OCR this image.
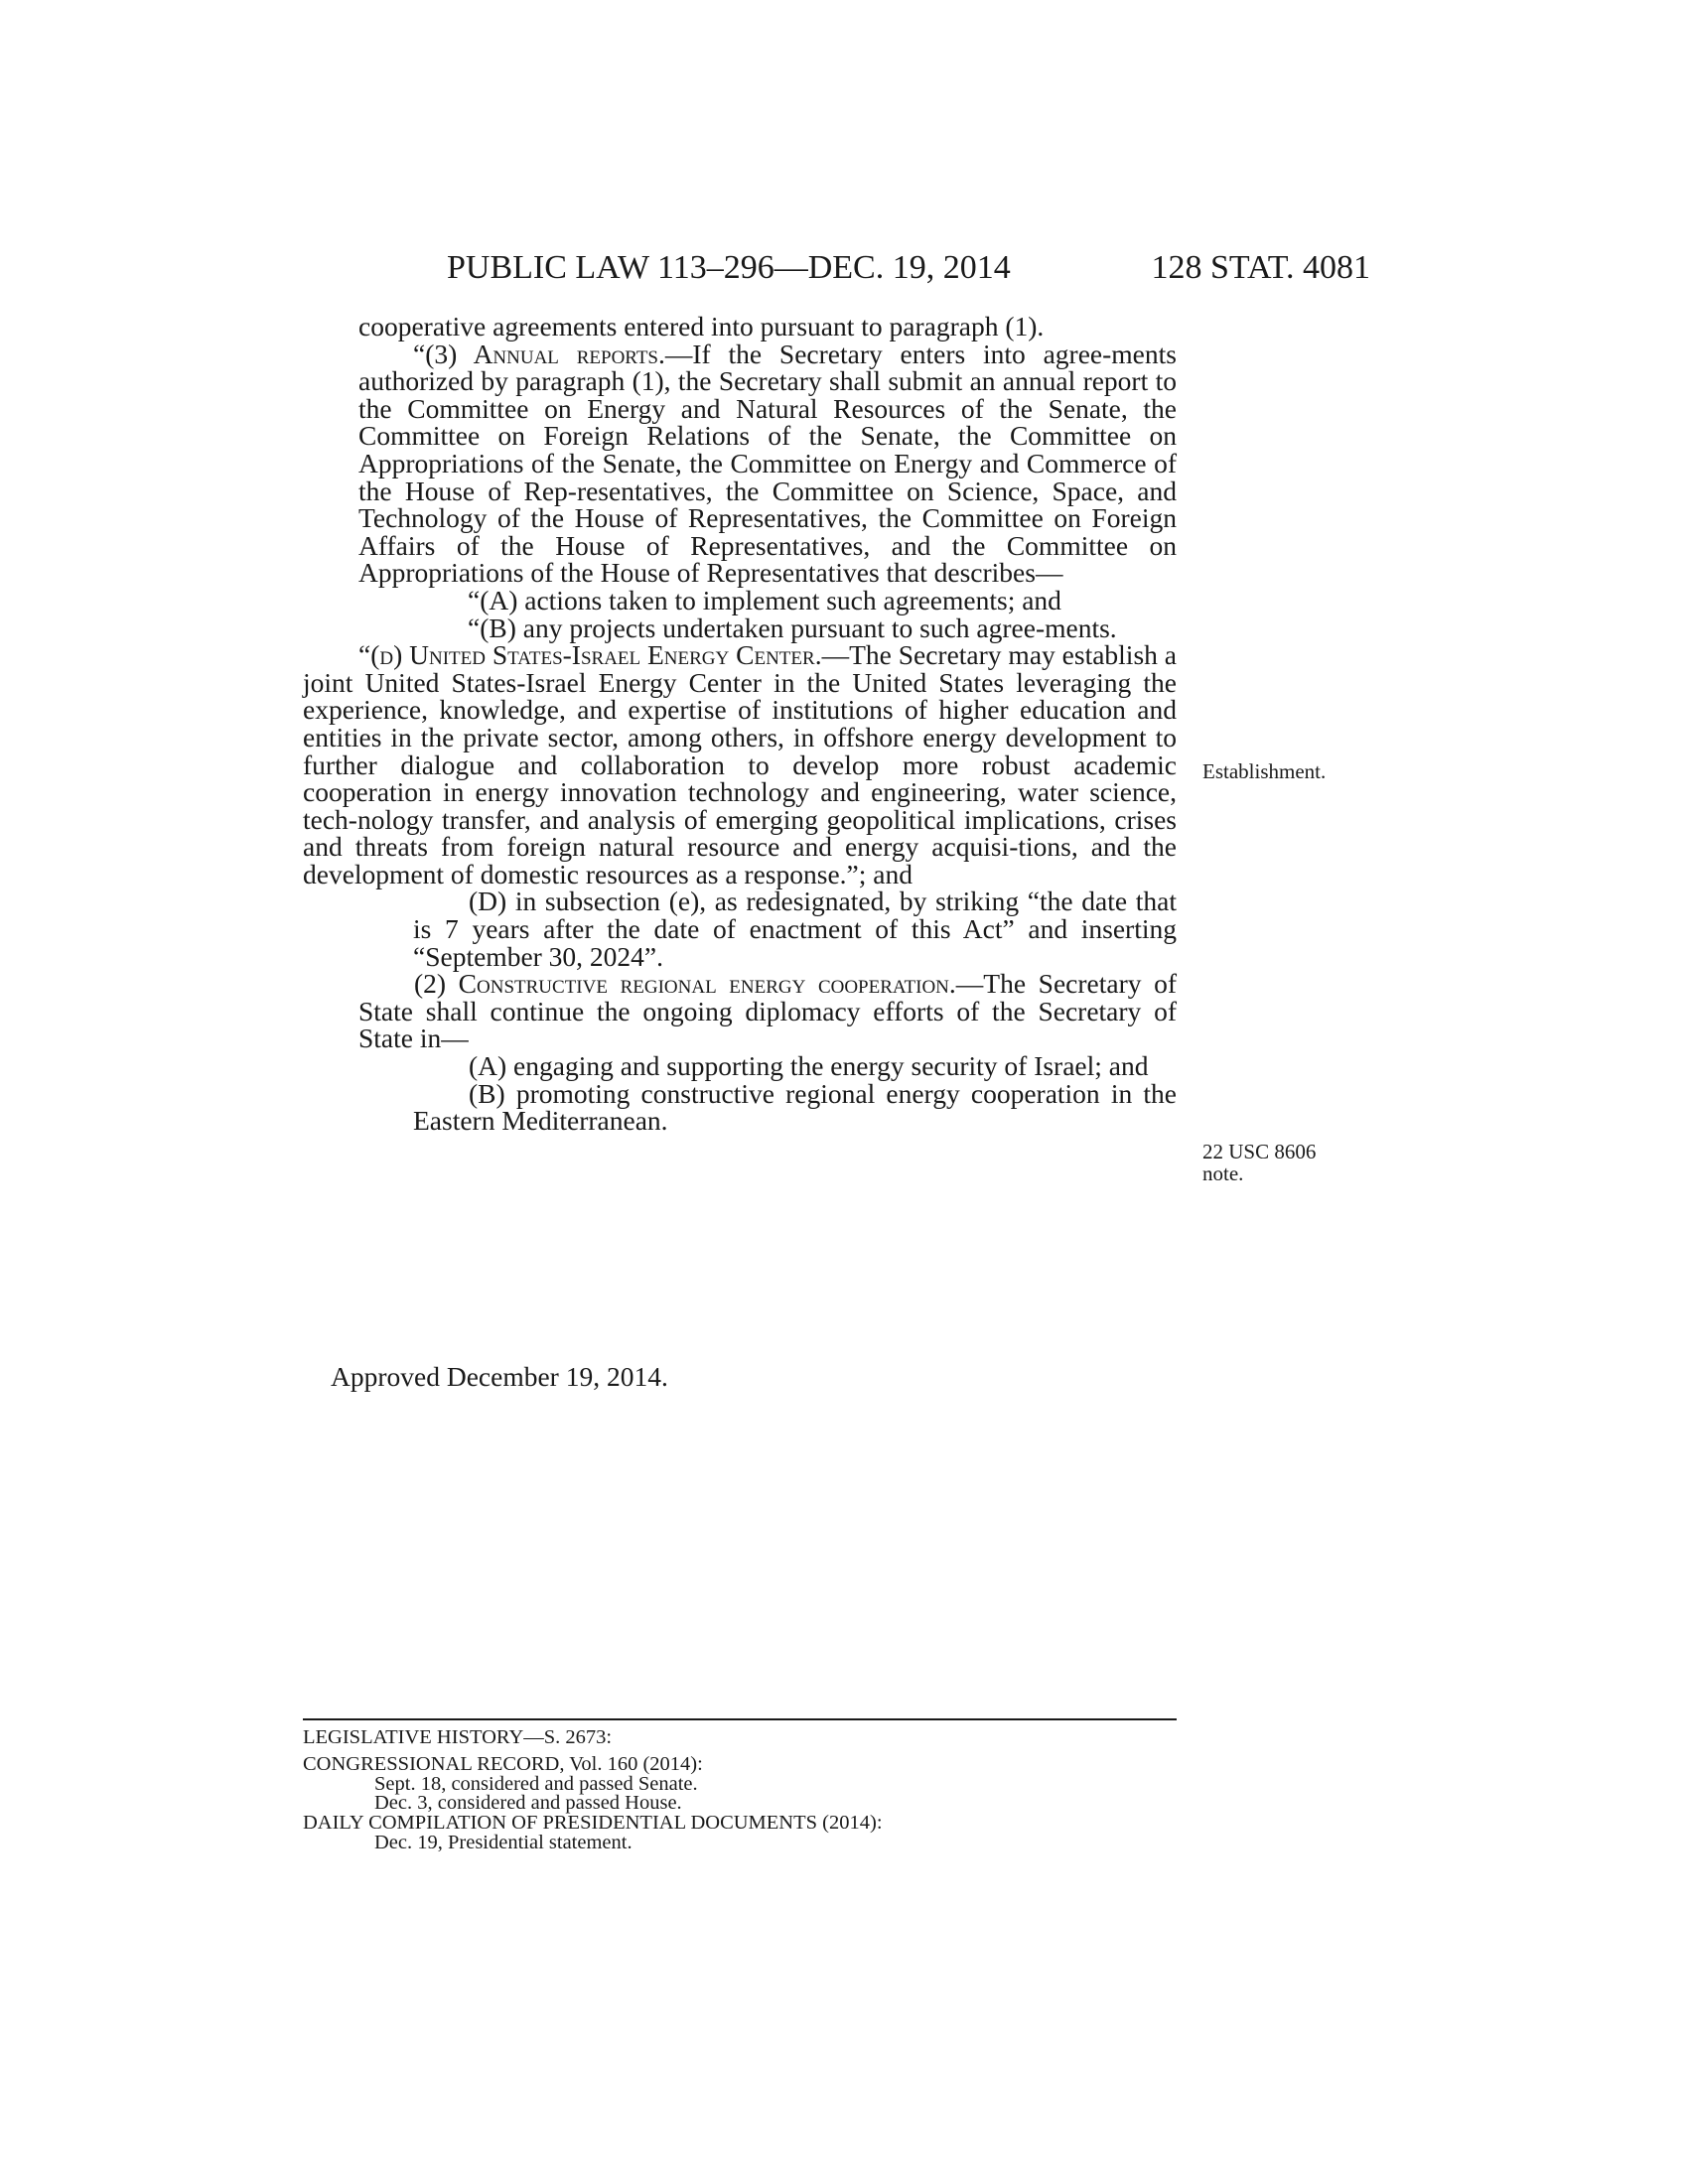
PUBLIC LAW 113–296—DEC. 19, 2014	128 STAT. 4081

cooperative agreements entered into pursuant to paragraph (1).

“(3) Annual reports.—If the Secretary enters into agree-ments authorized by paragraph (1), the Secretary shall submit an annual report to the Committee on Energy and Natural Resources of the Senate, the Committee on Foreign Relations of the Senate, the Committee on Appropriations of the Senate, the Committee on Energy and Commerce of the House of Rep-resentatives, the Committee on Science, Space, and Technology of the House of Representatives, the Committee on Foreign Affairs of the House of Representatives, and the Committee on Appropriations of the House of Representatives that describes—

“(A) actions taken to implement such agreements; and

“(B) any projects undertaken pursuant to such agree-ments.

“(d) United States-Israel Energy Center.—The Secretary may establish a joint United States-Israel Energy Center in the United States leveraging the experience, knowledge, and expertise of institutions of higher education and entities in the private sector, among others, in offshore energy development to further dialogue and collaboration to develop more robust academic cooperation in energy innovation technology and engineering, water science, tech-nology transfer, and analysis of emerging geopolitical implications, crises and threats from foreign natural resource and energy acquisi-tions, and the development of domestic resources as a response.”; and

(D) in subsection (e), as redesignated, by striking “the date that is 7 years after the date of enactment of this Act” and inserting “September 30, 2024”.

(2) Constructive regional energy cooperation.—The Secretary of State shall continue the ongoing diplomacy efforts of the Secretary of State in—

(A) engaging and supporting the energy security of Israel; and

(B) promoting constructive regional energy cooperation in the Eastern Mediterranean.

Approved December 19, 2014.
Establishment.
22 USC 8606
note.

LEGISLATIVE HISTORY—S. 2673:

CONGRESSIONAL RECORD, Vol. 160 (2014):

Sept. 18, considered and passed Senate.

Dec. 3, considered and passed House.

DAILY COMPILATION OF PRESIDENTIAL DOCUMENTS (2014):

Dec. 19, Presidential statement.
